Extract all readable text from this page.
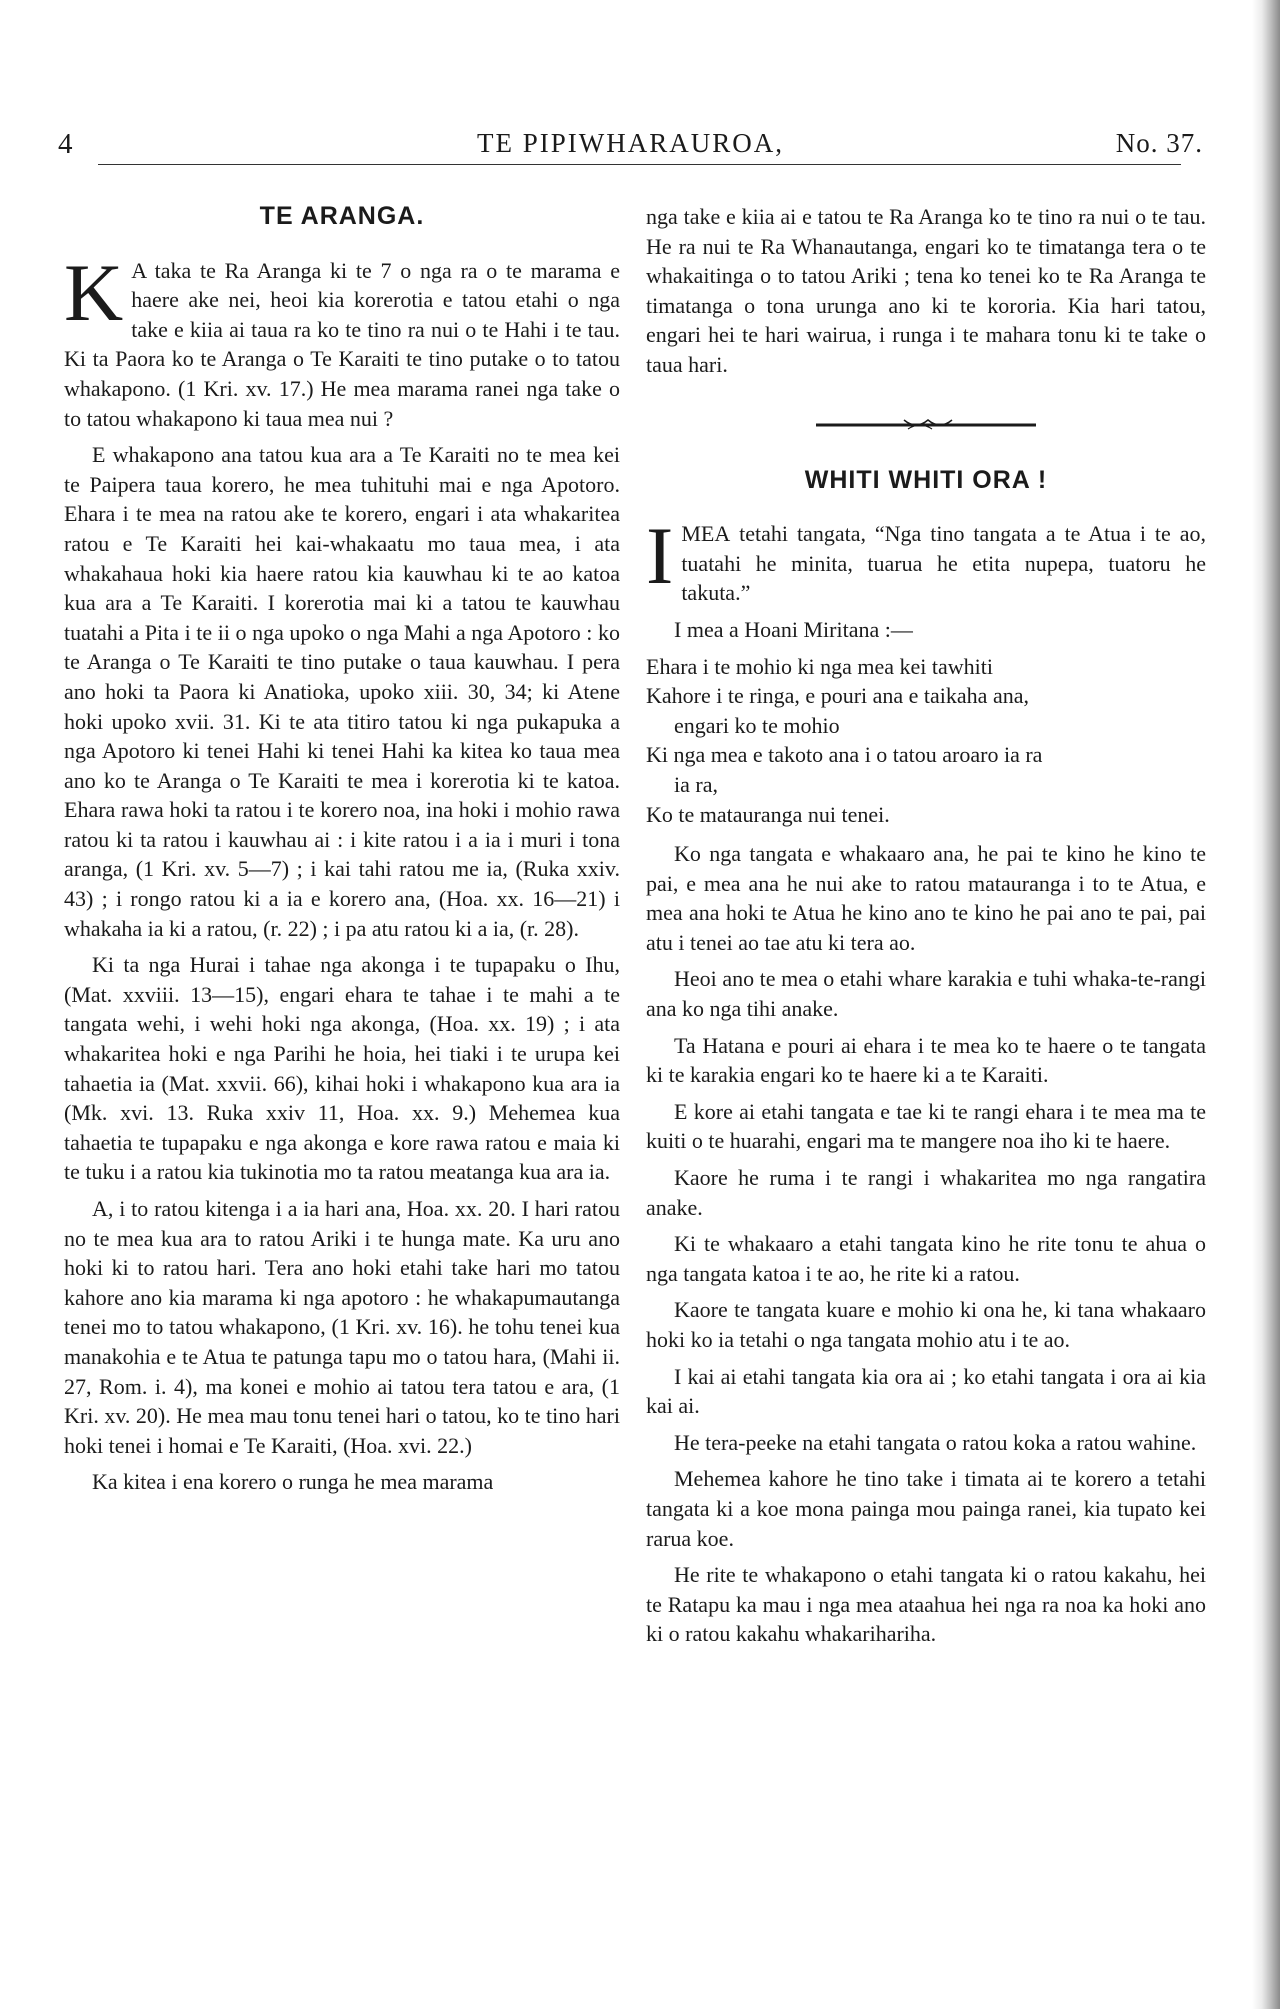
4	TE PIPIWHARAUROA,	No. 37.
TE ARANGA.

K A taka te Ra Aranga ki te 7 o nga ra o te marama e haere ake nei, heoi kia korerotia e tatou etahi o nga take e kiia ai taua ra ko te tino ra nui o te Hahi i te tau. Ki ta Paora ko te Aranga o Te Karaiti te tino putake o to tatou whakapono. (1 Kri. xv. 17.) He mea marama ranei nga take o to tatou whakapono ki taua mea nui ?

E whakapono ana tatou kua ara a Te Karaiti no te mea kei te Paipera taua korero, he mea tuhituhi mai e nga Apotoro. Ehara i te mea na ratou ake te korero, engari i ata whakaritea ratou e Te Karaiti hei kai-whakaatu mo taua mea, i ata whakahaua hoki kia haere ratou kia kauwhau ki te ao katoa kua ara a Te Karaiti. I korerotia mai ki a tatou te kauwhau tuatahi a Pita i te ii o nga upoko o nga Mahi a nga Apotoro : ko te Aranga o Te Karaiti te tino putake o taua kauwhau. I pera ano hoki ta Paora ki Anatioka, upoko xiii. 30, 34; ki Atene hoki upoko xvii. 31. Ki te ata titiro tatou ki nga pukapuka a nga Apotoro ki tenei Hahi ki tenei Hahi ka kitea ko taua mea ano ko te Aranga o Te Karaiti te mea i korerotia ki te katoa. Ehara rawa hoki ta ratou i te korero noa, ina hoki i mohio rawa ratou ki ta ratou i kauwhau ai : i kite ratou i a ia i muri i tona aranga, (1 Kri. xv. 5—7) ; i kai tahi ratou me ia, (Ruka xxiv. 43) ; i rongo ratou ki a ia e korero ana, (Hoa. xx. 16—21) i whakaha ia ki a ratou, (r. 22) ; i pa atu ratou ki a ia, (r. 28).

Ki ta nga Hurai i tahae nga akonga i te tupapaku o Ihu, (Mat. xxviii. 13—15), engari ehara te tahae i te mahi a te tangata wehi, i wehi hoki nga akonga, (Hoa. xx. 19) ; i ata whakaritea hoki e nga Parihi he hoia, hei tiaki i te urupa kei tahaetia ia (Mat. xxvii. 66), kihai hoki i whakapono kua ara ia (Mk. xvi. 13. Ruka xxiv 11, Hoa. xx. 9.) Mehemea kua tahaetia te tupapaku e nga akonga e kore rawa ratou e maia ki te tuku i a ratou kia tukinotia mo ta ratou meatanga kua ara ia.

A, i to ratou kitenga i a ia hari ana, Hoa. xx. 20. I hari ratou no te mea kua ara to ratou Ariki i te hunga mate. Ka uru ano hoki ki to ratou hari. Tera ano hoki etahi take hari mo tatou kahore ano kia marama ki nga apotoro : he whakapumautanga tenei mo to tatou whakapono, (1 Kri. xv. 16). he tohu tenei kua manakohia e te Atua te patunga tapu mo o tatou hara, (Mahi ii. 27, Rom. i. 4), ma konei e mohio ai tatou tera tatou e ara, (1 Kri. xv. 20). He mea mau tonu tenei hari o tatou, ko te tino hari hoki tenei i homai e Te Karaiti, (Hoa. xvi. 22.)

Ka kitea i ena korero o runga he mea marama

nga take e kiia ai e tatou te Ra Aranga ko te tino ra nui o te tau. He ra nui te Ra Whanautanga, engari ko te timatanga tera o te whakaitinga o to tatou Ariki ; tena ko tenei ko te Ra Aranga te timatanga o tona urunga ano ki te kororia. Kia hari tatou, engari hei te hari wairua, i runga i te mahara tonu ki te take o taua hari.

WHITI WHITI ORA !

IMEA tetahi tangata, “Nga tino tangata a te Atua i te ao, tuatahi he minita, tuarua he etita nupepa, tuatoru he takuta.”

I mea a Hoani Miritana :—

Ehara i te mohio ki nga mea kei tawhiti
Kahore i te ringa, e pouri ana e taikaha ana,
engari ko te mohio
Ki nga mea e takoto ana i o tatou aroaro ia ra
ia ra,
Ko te matauranga nui tenei.

Ko nga tangata e whakaaro ana, he pai te kino he kino te pai, e mea ana he nui ake to ratou matauranga i to te Atua, e mea ana hoki te Atua he kino ano te kino he pai ano te pai, pai atu i tenei ao tae atu ki tera ao.

Heoi ano te mea o etahi whare karakia e tuhi whaka-te-rangi ana ko nga tihi anake.

Ta Hatana e pouri ai ehara i te mea ko te haere o te tangata ki te karakia engari ko te haere ki a te Karaiti.

E kore ai etahi tangata e tae ki te rangi ehara i te mea ma te kuiti o te huarahi, engari ma te mangere noa iho ki te haere.

Kaore he ruma i te rangi i whakaritea mo nga rangatira anake.

Ki te whakaaro a etahi tangata kino he rite tonu te ahua o nga tangata katoa i te ao, he rite ki a ratou.

Kaore te tangata kuare e mohio ki ona he, ki tana whakaaro hoki ko ia tetahi o nga tangata mohio atu i te ao.

I kai ai etahi tangata kia ora ai ; ko etahi tangata i ora ai kia kai ai.

He tera-peeke na etahi tangata o ratou koka a ratou wahine.

Mehemea kahore he tino take i timata ai te korero a tetahi tangata ki a koe mona painga mou painga ranei, kia tupato kei rarua koe.

He rite te whakapono o etahi tangata ki o ratou kakahu, hei te Ratapu ka mau i nga mea ataahua hei nga ra noa ka hoki ano ki o ratou kakahu whakarihariha.
